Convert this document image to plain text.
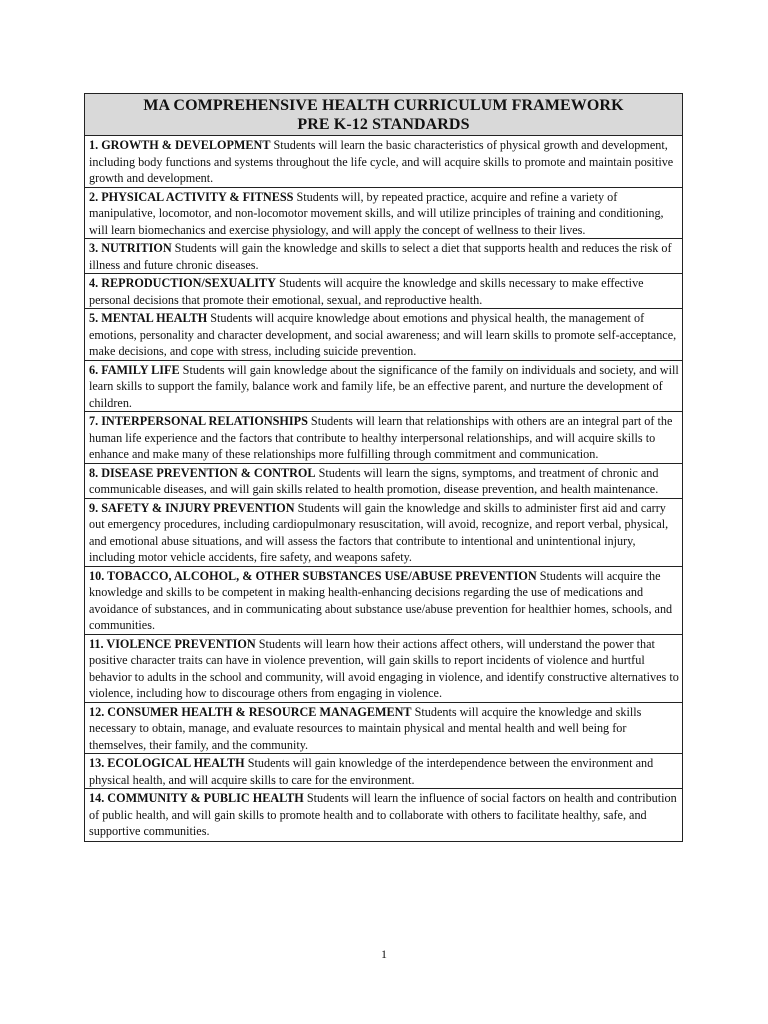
MA COMPREHENSIVE HEALTH CURRICULUM FRAMEWORK
PRE K-12 STANDARDS
1. GROWTH & DEVELOPMENT Students will learn the basic characteristics of physical growth and development, including body functions and systems throughout the life cycle, and will acquire skills to promote and maintain positive growth and development.
2. PHYSICAL ACTIVITY & FITNESS Students will, by repeated practice, acquire and refine a variety of manipulative, locomotor, and non-locomotor movement skills, and will utilize principles of training and conditioning, will learn biomechanics and exercise physiology, and will apply the concept of wellness to their lives.
3. NUTRITION Students will gain the knowledge and skills to select a diet that supports health and reduces the risk of illness and future chronic diseases.
4. REPRODUCTION/SEXUALITY Students will acquire the knowledge and skills necessary to make effective personal decisions that promote their emotional, sexual, and reproductive health.
5. MENTAL HEALTH Students will acquire knowledge about emotions and physical health, the management of emotions, personality and character development, and social awareness; and will learn skills to promote self-acceptance, make decisions, and cope with stress, including suicide prevention.
6. FAMILY LIFE Students will gain knowledge about the significance of the family on individuals and society, and will learn skills to support the family, balance work and family life, be an effective parent, and nurture the development of children.
7. INTERPERSONAL RELATIONSHIPS Students will learn that relationships with others are an integral part of the human life experience and the factors that contribute to healthy interpersonal relationships, and will acquire skills to enhance and make many of these relationships more fulfilling through commitment and communication.
8. DISEASE PREVENTION & CONTROL Students will learn the signs, symptoms, and treatment of chronic and communicable diseases, and will gain skills related to health promotion, disease prevention, and health maintenance.
9. SAFETY & INJURY PREVENTION Students will gain the knowledge and skills to administer first aid and carry out emergency procedures, including cardiopulmonary resuscitation, will avoid, recognize, and report verbal, physical, and emotional abuse situations, and will assess the factors that contribute to intentional and unintentional injury, including motor vehicle accidents, fire safety, and weapons safety.
10. TOBACCO, ALCOHOL, & OTHER SUBSTANCES USE/ABUSE PREVENTION Students will acquire the knowledge and skills to be competent in making health-enhancing decisions regarding the use of medications and avoidance of substances, and in communicating about substance use/abuse prevention for healthier homes, schools, and communities.
11. VIOLENCE PREVENTION Students will learn how their actions affect others, will understand the power that positive character traits can have in violence prevention, will gain skills to report incidents of violence and hurtful behavior to adults in the school and community, will avoid engaging in violence, and identify constructive alternatives to violence, including how to discourage others from engaging in violence.
12. CONSUMER HEALTH & RESOURCE MANAGEMENT Students will acquire the knowledge and skills necessary to obtain, manage, and evaluate resources to maintain physical and mental health and well being for themselves, their family, and the community.
13. ECOLOGICAL HEALTH Students will gain knowledge of the interdependence between the environment and physical health, and will acquire skills to care for the environment.
14. COMMUNITY & PUBLIC HEALTH Students will learn the influence of social factors on health and contribution of public health, and will gain skills to promote health and to collaborate with others to facilitate healthy, safe, and supportive communities.
1
